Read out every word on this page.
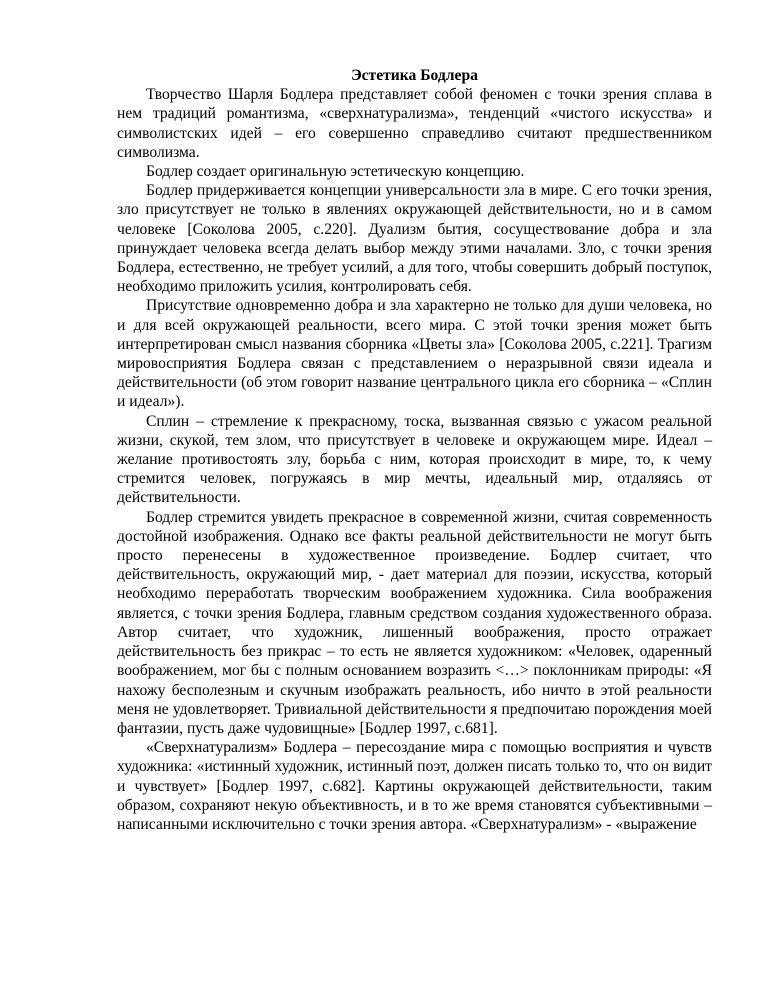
Эстетика Бодлера

Творчество Шарля Бодлера представляет собой феномен с точки зрения сплава в нем традиций романтизма, «сверхнатурализма», тенденций «чистого искусства» и символистских идей – его совершенно справедливо считают предшественником символизма.

Бодлер создает оригинальную эстетическую концепцию.

Бодлер придерживается концепции универсальности зла в мире. С его точки зрения, зло присутствует не только в явлениях окружающей действительности, но и в самом человеке [Соколова 2005, с.220]. Дуализм бытия, сосуществование добра и зла принуждает человека всегда делать выбор между этими началами. Зло, с точки зрения Бодлера, естественно, не требует усилий, а для того, чтобы совершить добрый поступок, необходимо приложить усилия, контролировать себя.

Присутствие одновременно добра и зла характерно не только для души человека, но и для всей окружающей реальности, всего мира. С этой точки зрения может быть интерпретирован смысл названия сборника «Цветы зла» [Соколова 2005, с.221]. Трагизм мировосприятия Бодлера связан с представлением о неразрывной связи идеала и действительности (об этом говорит название центрального цикла его сборника – «Сплин и идеал»).

Сплин – стремление к прекрасному, тоска, вызванная связью с ужасом реальной жизни, скукой, тем злом, что присутствует в человеке и окружающем мире. Идеал – желание противостоять злу, борьба с ним, которая происходит в мире, то, к чему стремится человек, погружаясь в мир мечты, идеальный мир, отдаляясь от действительности.

Бодлер стремится увидеть прекрасное в современной жизни, считая современность достойной изображения. Однако все факты реальной действительности не могут быть просто перенесены в художественное произведение. Бодлер считает, что действительность, окружающий мир, - дает материал для поэзии, искусства, который необходимо переработать творческим воображением художника. Сила воображения является, с точки зрения Бодлера, главным средством создания художественного образа. Автор считает, что художник, лишенный воображения, просто отражает действительность без прикрас – то есть не является художником: «Человек, одаренный воображением, мог бы с полным основанием возразить <…> поклонникам природы: «Я нахожу бесполезным и скучным изображать реальность, ибо ничто в этой реальности меня не удовлетворяет. Тривиальной действительности я предпочитаю порождения моей фантазии, пусть даже чудовищные» [Бодлер 1997, с.681].

«Сверхнатурализм» Бодлера – пересоздание мира с помощью восприятия и чувств художника: «истинный художник, истинный поэт, должен писать только то, что он видит и чувствует» [Бодлер 1997, с.682]. Картины окружающей действительности, таким образом, сохраняют некую объективность, и в то же время становятся субъективными – написанными исключительно с точки зрения автора. «Сверхнатурализм» - «выражение
